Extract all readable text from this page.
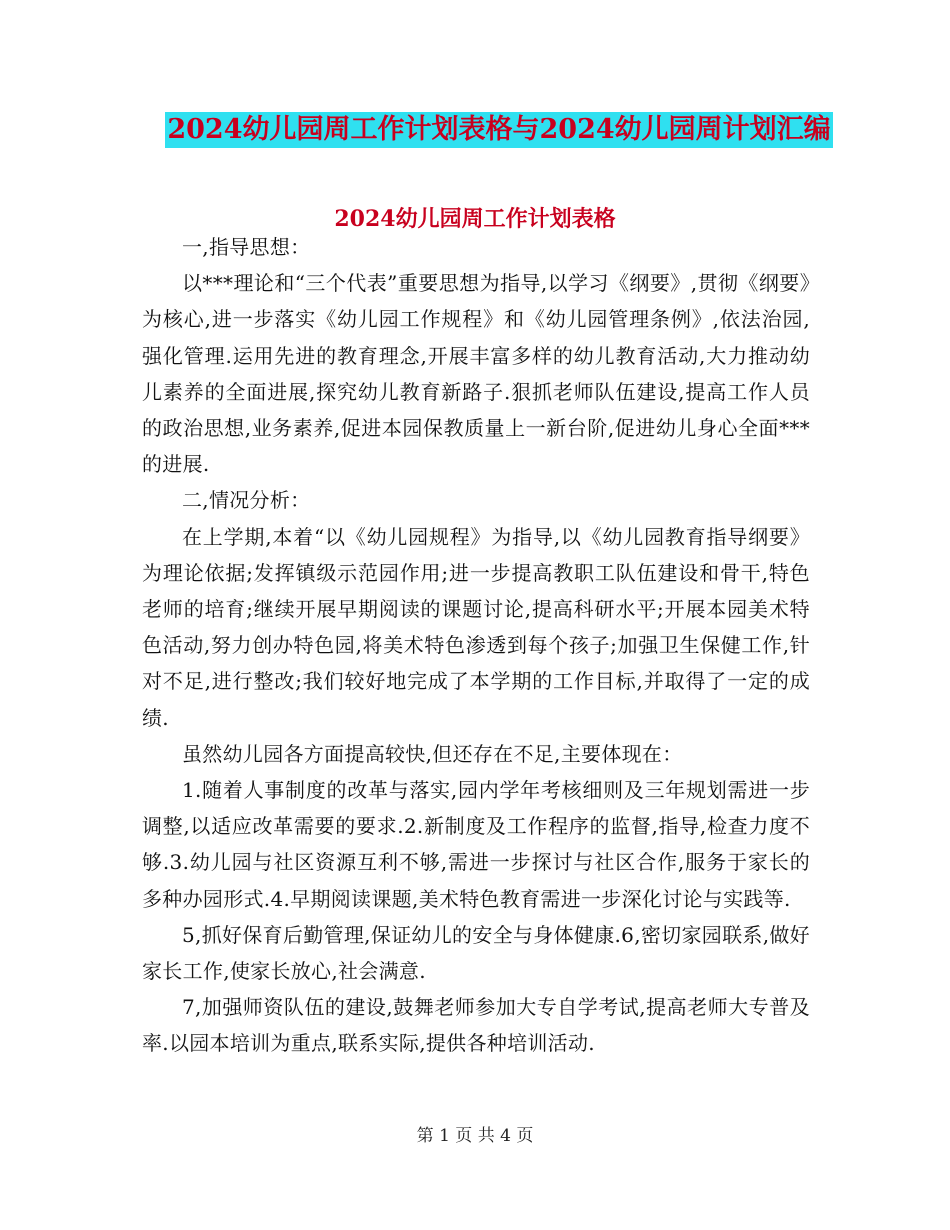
2024幼儿园周工作计划表格与2024幼儿园周计划汇编
2024幼儿园周工作计划表格

一,指导思想：

以***理论和“三个代表”重要思想为指导,以学习《纲要》,贯彻《纲要》为核心,进一步落实《幼儿园工作规程》和《幼儿园管理条例》,依法治园,强化管理.运用先进的教育理念,开展丰富多样的幼儿教育活动,大力推动幼儿素养的全面进展,探究幼儿教育新路子.狠抓老师队伍建设,提高工作人员的政治思想,业务素养,促进本园保教质量上一新台阶,促进幼儿身心全面***的进展.

二,情况分析：

在上学期,本着“以《幼儿园规程》为指导,以《幼儿园教育指导纲要》为理论依据;发挥镇级示范园作用;进一步提高教职工队伍建设和骨干,特色老师的培育;继续开展早期阅读的课题讨论,提高科研水平;开展本园美术特色活动,努力创办特色园,将美术特色渗透到每个孩子;加强卫生保健工作,针对不足,进行整改;我们较好地完成了本学期的工作目标,并取得了一定的成绩.

虽然幼儿园各方面提高较快,但还存在不足,主要体现在：

1.随着人事制度的改革与落实,园内学年考核细则及三年规划需进一步调整,以适应改革需要的要求.2.新制度及工作程序的监督,指导,检查力度不够.3.幼儿园与社区资源互利不够,需进一步探讨与社区合作,服务于家长的多种办园形式.4.早期阅读课题,美术特色教育需进一步深化讨论与实践等.

5,抓好保育后勤管理,保证幼儿的安全与身体健康.6,密切家园联系,做好家长工作,使家长放心,社会满意.

7,加强师资队伍的建设,鼓舞老师参加大专自学考试,提高老师大专普及率.以园本培训为重点,联系实际,提供各种培训活动.

第 1 页 共 4 页
